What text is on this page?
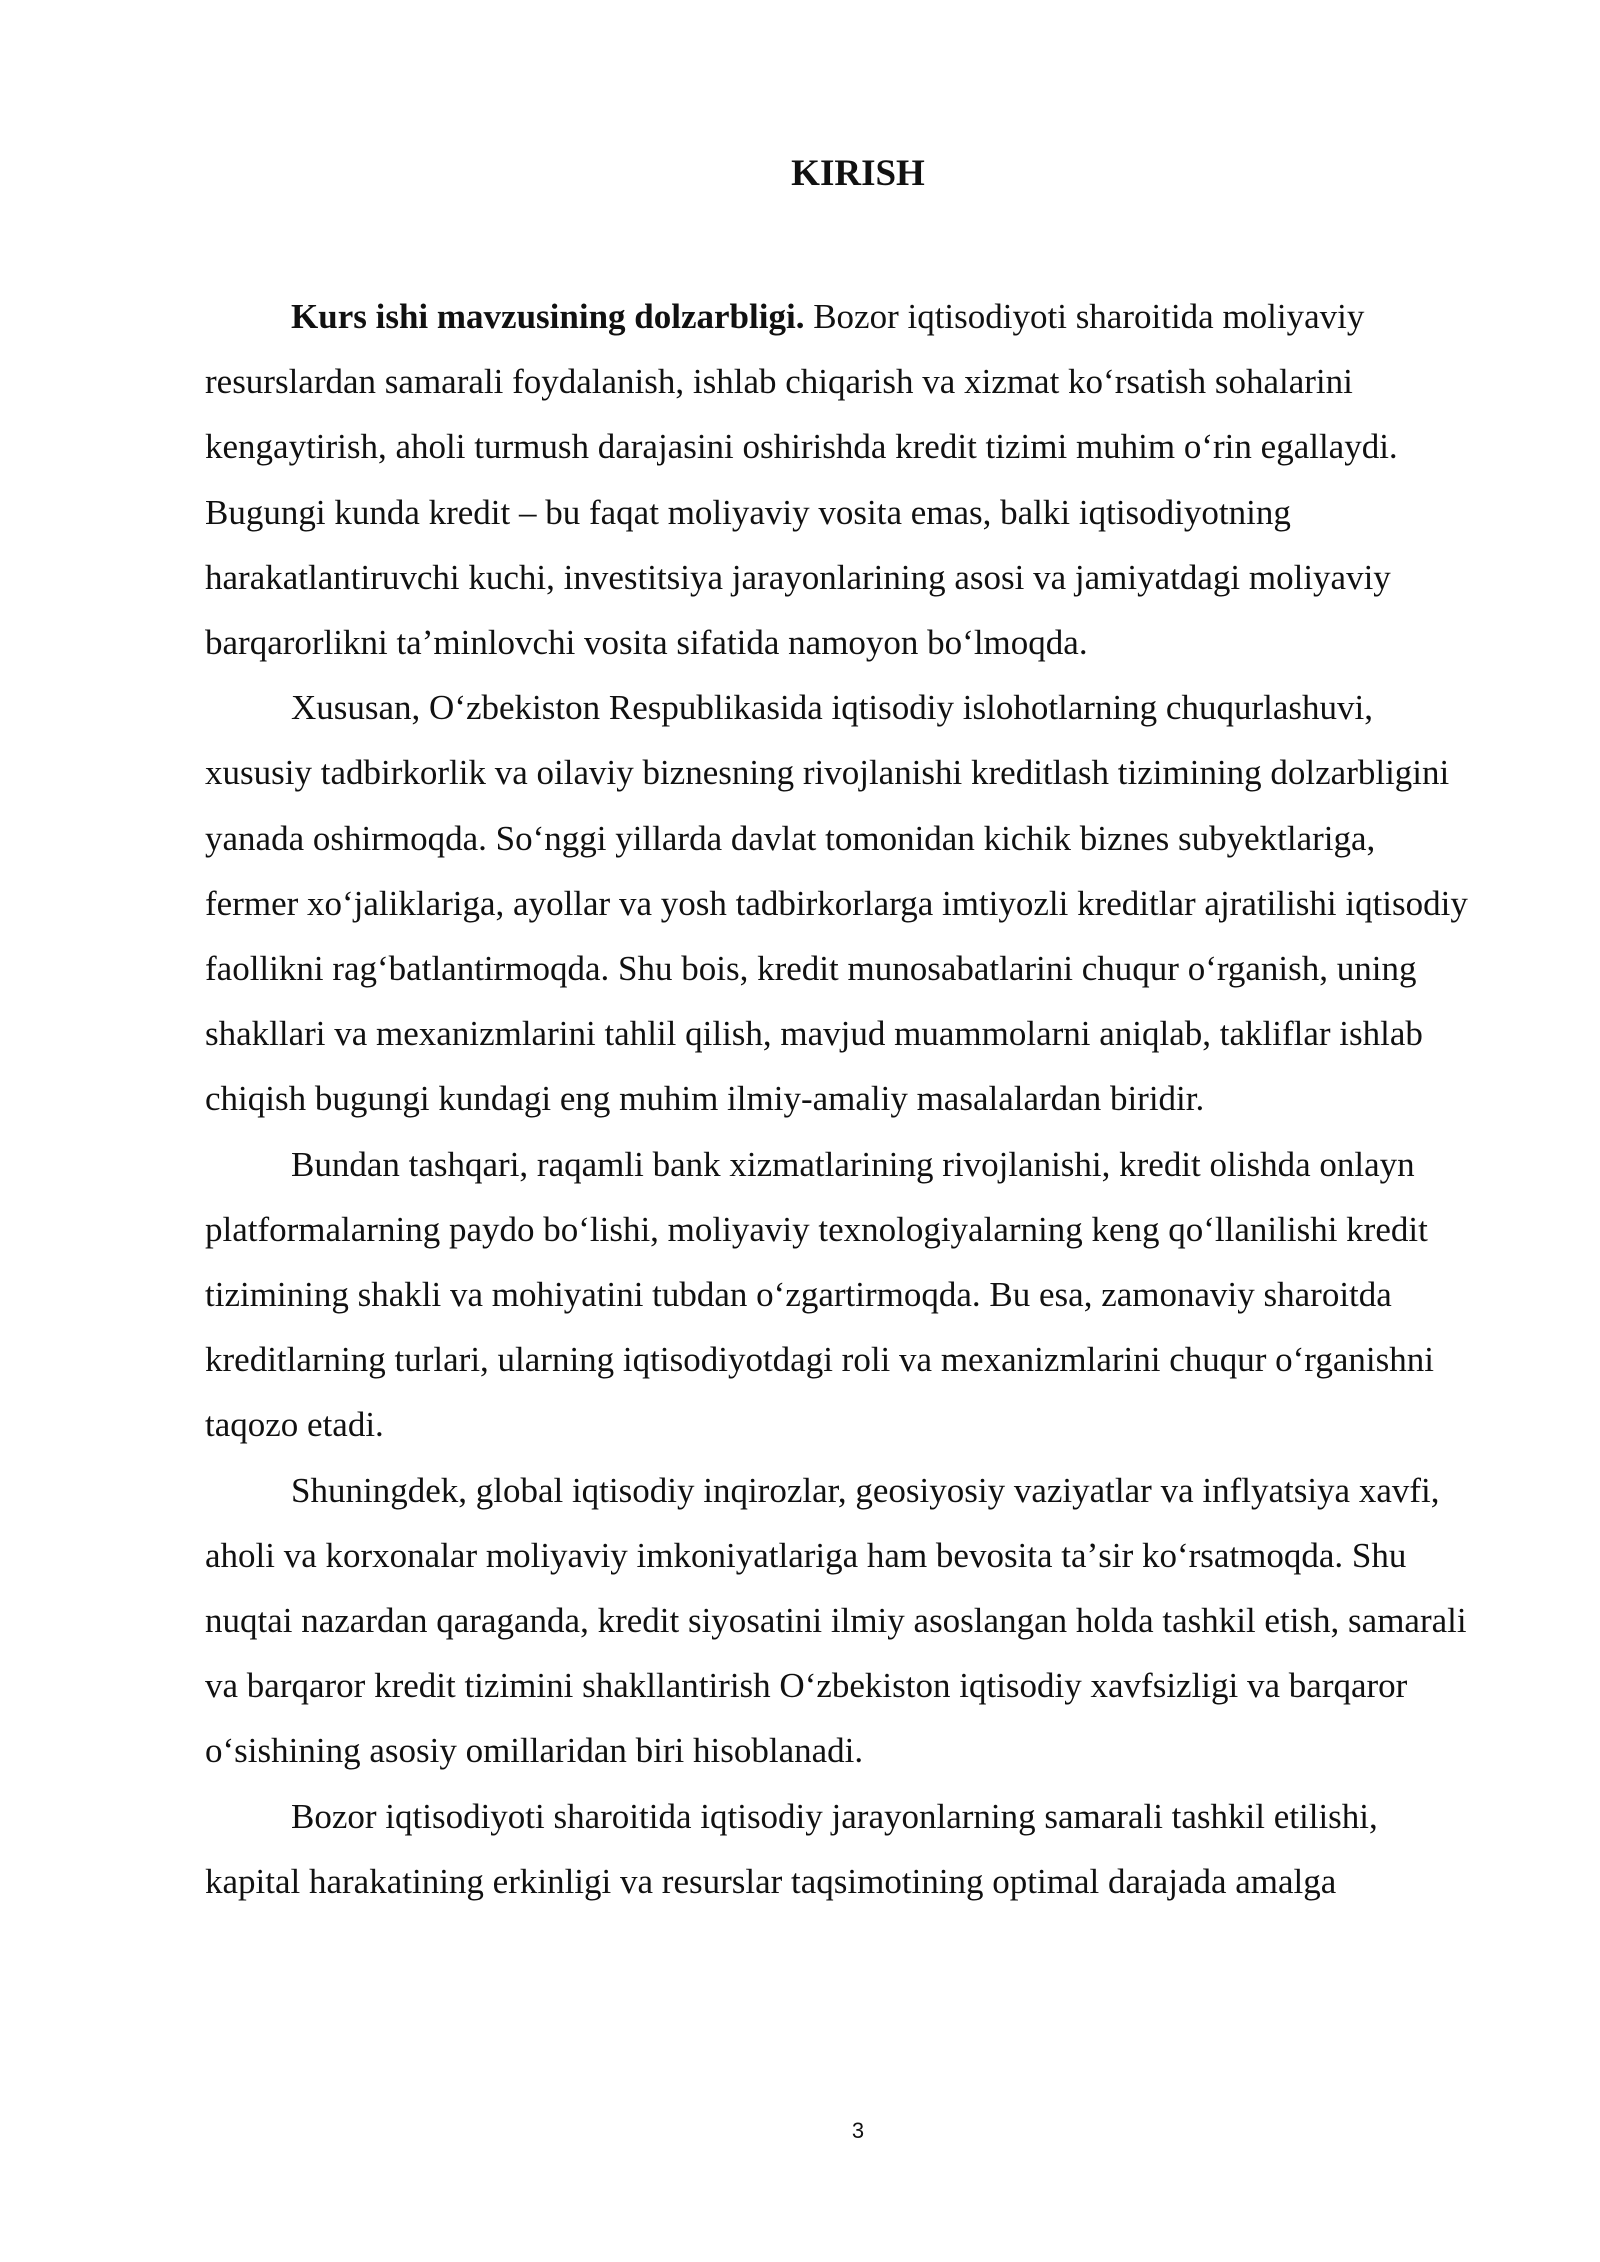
KIRISH

Kurs ishi mavzusining dolzarbligi. Bozor iqtisodiyoti sharoitida moliyaviy resurslardan samarali foydalanish, ishlab chiqarish va xizmat koʻrsatish sohalarini kengaytirish, aholi turmush darajasini oshirishda kredit tizimi muhim oʻrin egallaydi. Bugungi kunda kredit – bu faqat moliyaviy vosita emas, balki iqtisodiyotning harakatlantiruvchi kuchi, investitsiya jarayonlarining asosi va jamiyatdagi moliyaviy barqarorlikni taʼminlovchi vosita sifatida namoyon boʻlmoqda.

Xususan, Oʻzbekiston Respublikasida iqtisodiy islohotlarning chuqurlashuvi, xususiy tadbirkorlik va oilaviy biznesning rivojlanishi kreditlash tizimining dolzarbligini yanada oshirmoqda. Soʻnggi yillarda davlat tomonidan kichik biznes subyektlariga, fermer xoʻjaliklariga, ayollar va yosh tadbirkorlarga imtiyozli kreditlar ajratilishi iqtisodiy faollikni ragʻbatlantirmoqda. Shu bois, kredit munosabatlarini chuqur oʻrganish, uning shakllari va mexanizmlarini tahlil qilish, mavjud muammolarni aniqlab, takliflar ishlab chiqish bugungi kundagi eng muhim ilmiy-amaliy masalalardan biridir.

Bundan tashqari, raqamli bank xizmatlarining rivojlanishi, kredit olishda onlayn platformalarning paydo boʻlishi, moliyaviy texnologiyalarning keng qoʻllanilishi kredit tizimining shakli va mohiyatini tubdan oʻzgartirmoqda. Bu esa, zamonaviy sharoitda kreditlarning turlari, ularning iqtisodiyotdagi roli va mexanizmlarini chuqur oʻrganishni taqozo etadi.

Shuningdek, global iqtisodiy inqirozlar, geosiyosiy vaziyatlar va inflyatsiya xavfi, aholi va korxonalar moliyaviy imkoniyatlariga ham bevosita taʼsir koʻrsatmoqda. Shu nuqtai nazardan qaraganda, kredit siyosatini ilmiy asoslangan holda tashkil etish, samarali va barqaror kredit tizimini shakllantirish Oʻzbekiston iqtisodiy xavfsizligi va barqaror oʻsishining asosiy omillaridan biri hisoblanadi.

Bozor iqtisodiyoti sharoitida iqtisodiy jarayonlarning samarali tashkil etilishi, kapital harakatining erkinligi va resurslar taqsimotining optimal darajada amalga

3
